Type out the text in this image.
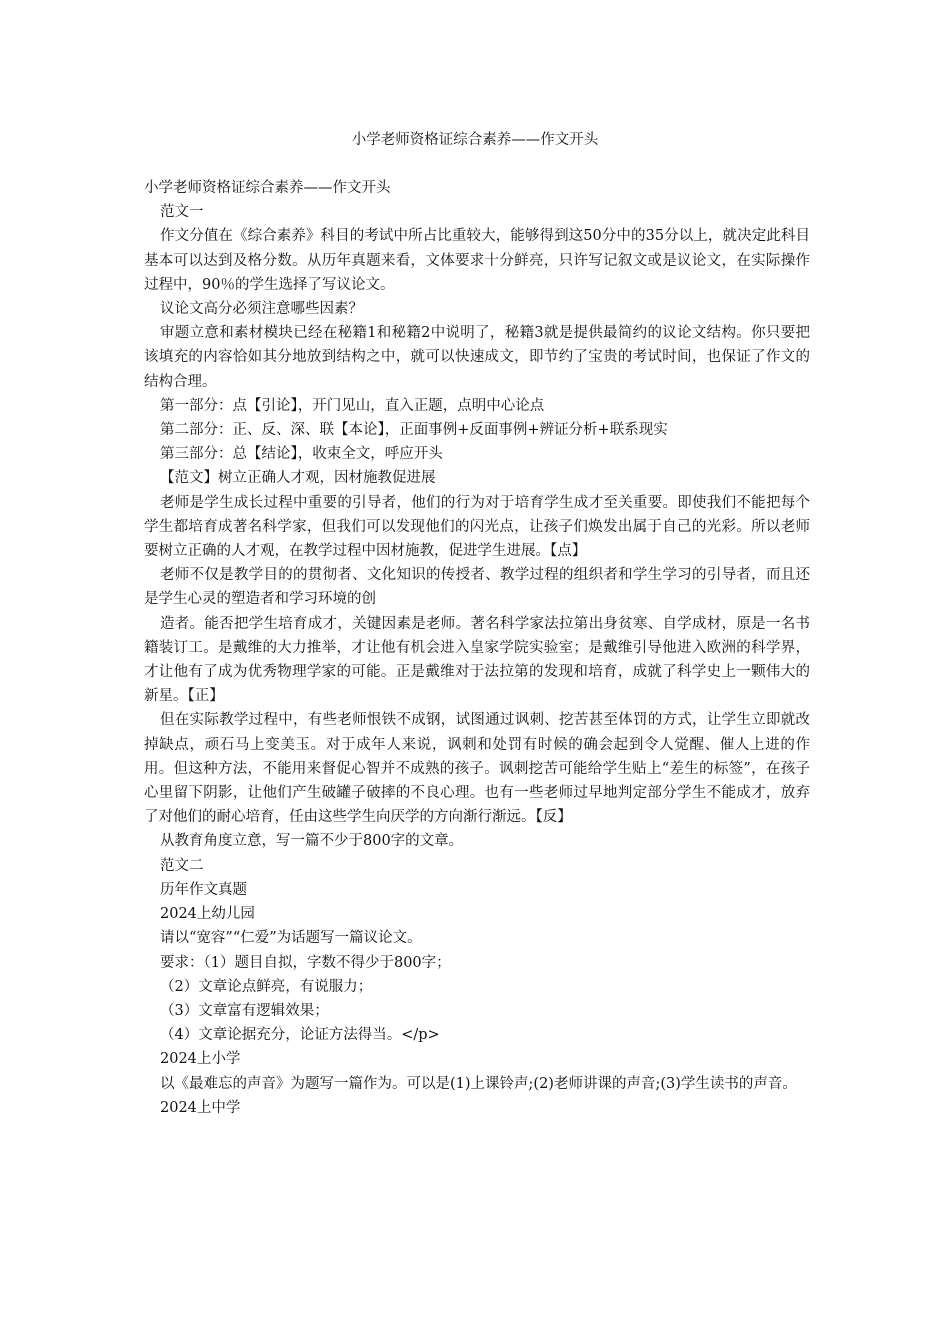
小学老师资格证综合素养——作文开头

小学老师资格证综合素养——作文开头

范文一

作文分值在《综合素养》科目的考试中所占比重较大，能够得到这50分中的35分以上，就决定此科目基本可以达到及格分数。从历年真题来看，文体要求十分鲜亮，只许写记叙文或是议论文，在实际操作过程中，90％的学生选择了写议论文。

议论文高分必须注意哪些因素？

审题立意和素材模块已经在秘籍1和秘籍2中说明了，秘籍3就是提供最简约的议论文结构。你只要把该填充的内容恰如其分地放到结构之中，就可以快速成文，即节约了宝贵的考试时间，也保证了作文的结构合理。

第一部分：点【引论】，开门见山，直入正题，点明中心论点

第二部分：正、反、深、联【本论】，正面事例+反面事例+辨证分析+联系现实

第三部分：总【结论】，收束全文，呼应开头

【范文】树立正确人才观，因材施教促进展

老师是学生成长过程中重要的引导者，他们的行为对于培育学生成才至关重要。即使我们不能把每个学生都培育成著名科学家，但我们可以发现他们的闪光点，让孩子们焕发出属于自己的光彩。所以老师要树立正确的人才观，在教学过程中因材施教，促进学生进展。【点】

老师不仅是教学目的的贯彻者、文化知识的传授者、教学过程的组织者和学生学习的引导者，而且还是学生心灵的塑造者和学习环境的创

造者。能否把学生培育成才，关键因素是老师。著名科学家法拉第出身贫寒、自学成材，原是一名书籍装订工。是戴维的大力推举，才让他有机会进入皇家学院实验室；是戴维引导他进入欧洲的科学界，才让他有了成为优秀物理学家的可能。正是戴维对于法拉第的发现和培育，成就了科学史上一颗伟大的新星。【正】

但在实际教学过程中，有些老师恨铁不成钢，试图通过讽刺、挖苦甚至体罚的方式，让学生立即就改掉缺点，顽石马上变美玉。对于成年人来说，讽刺和处罚有时候的确会起到令人觉醒、催人上进的作用。但这种方法，不能用来督促心智并不成熟的孩子。讽刺挖苦可能给学生贴上“差生的标签”，在孩子心里留下阴影，让他们产生破罐子破摔的不良心理。也有一些老师过早地判定部分学生不能成才，放弃了对他们的耐心培育，任由这些学生向厌学的方向渐行渐远。【反】

从教育角度立意，写一篇不少于800字的文章。

范文二

历年作文真题

2024上幼儿园

请以“宽容”“仁爱”为话题写一篇议论文。

要求：（1）题目自拟，字数不得少于800字；

（2）文章论点鲜亮，有说服力；

（3）文章富有逻辑效果；

（4）文章论据充分，论证方法得当。</p>

2024上小学

以《最难忘的声音》为题写一篇作为。可以是(1)上课铃声;(2)老师讲课的声音;(3)学生读书的声音。

2024上中学
